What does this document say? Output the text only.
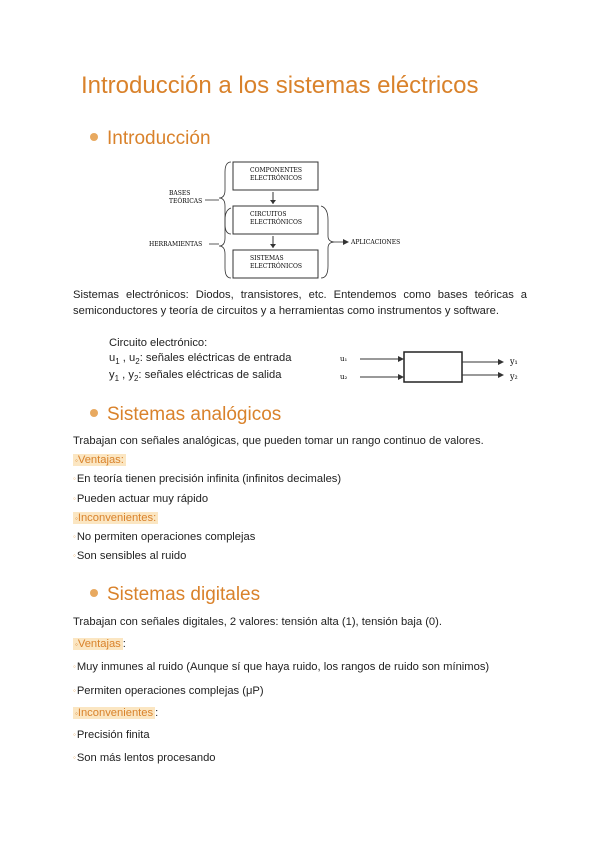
Introducción a los sistemas eléctricos
Introducción
COMPONENTES
ELECTRÓNICOS
CIRCUITOS
ELECTRÓNICOS
SISTEMAS
ELECTRÓNICOS
BASES
TEÓRICAS
HERRAMIENTAS	APLICACIONES
Sistemas electrónicos: Diodos, transistores, etc. Entendemos como bases teóricas a semiconductores y teoría de circuitos y a herramientas como instrumentos y software.
Circuito electrónico:
$u_1$ , $u_2$: señales eléctricas de entrada
$y_1$ , $y_2$: señales eléctricas de salida
u₁
u₂
y₁
y₂
Sistemas analógicos
Trabajan con señales analógicas, que pueden tomar un rango continuo de valores.
◦Ventajas:
◦En teoría tienen precisión infinita (infinitos decimales)
◦Pueden actuar muy rápido
◦Inconvenientes:
◦No permiten operaciones complejas
◦Son sensibles al ruido
Sistemas digitales
Trabajan con señales digitales, 2 valores: tensión alta (1), tensión baja (0).
◦Ventajas :
◦Muy inmunes al ruido (Aunque sí que haya ruido, los rangos de ruido son mínimos)
◦Permiten operaciones complejas (μP)
◦Inconvenientes :
◦Precisión finita
◦Son más lentos procesando
